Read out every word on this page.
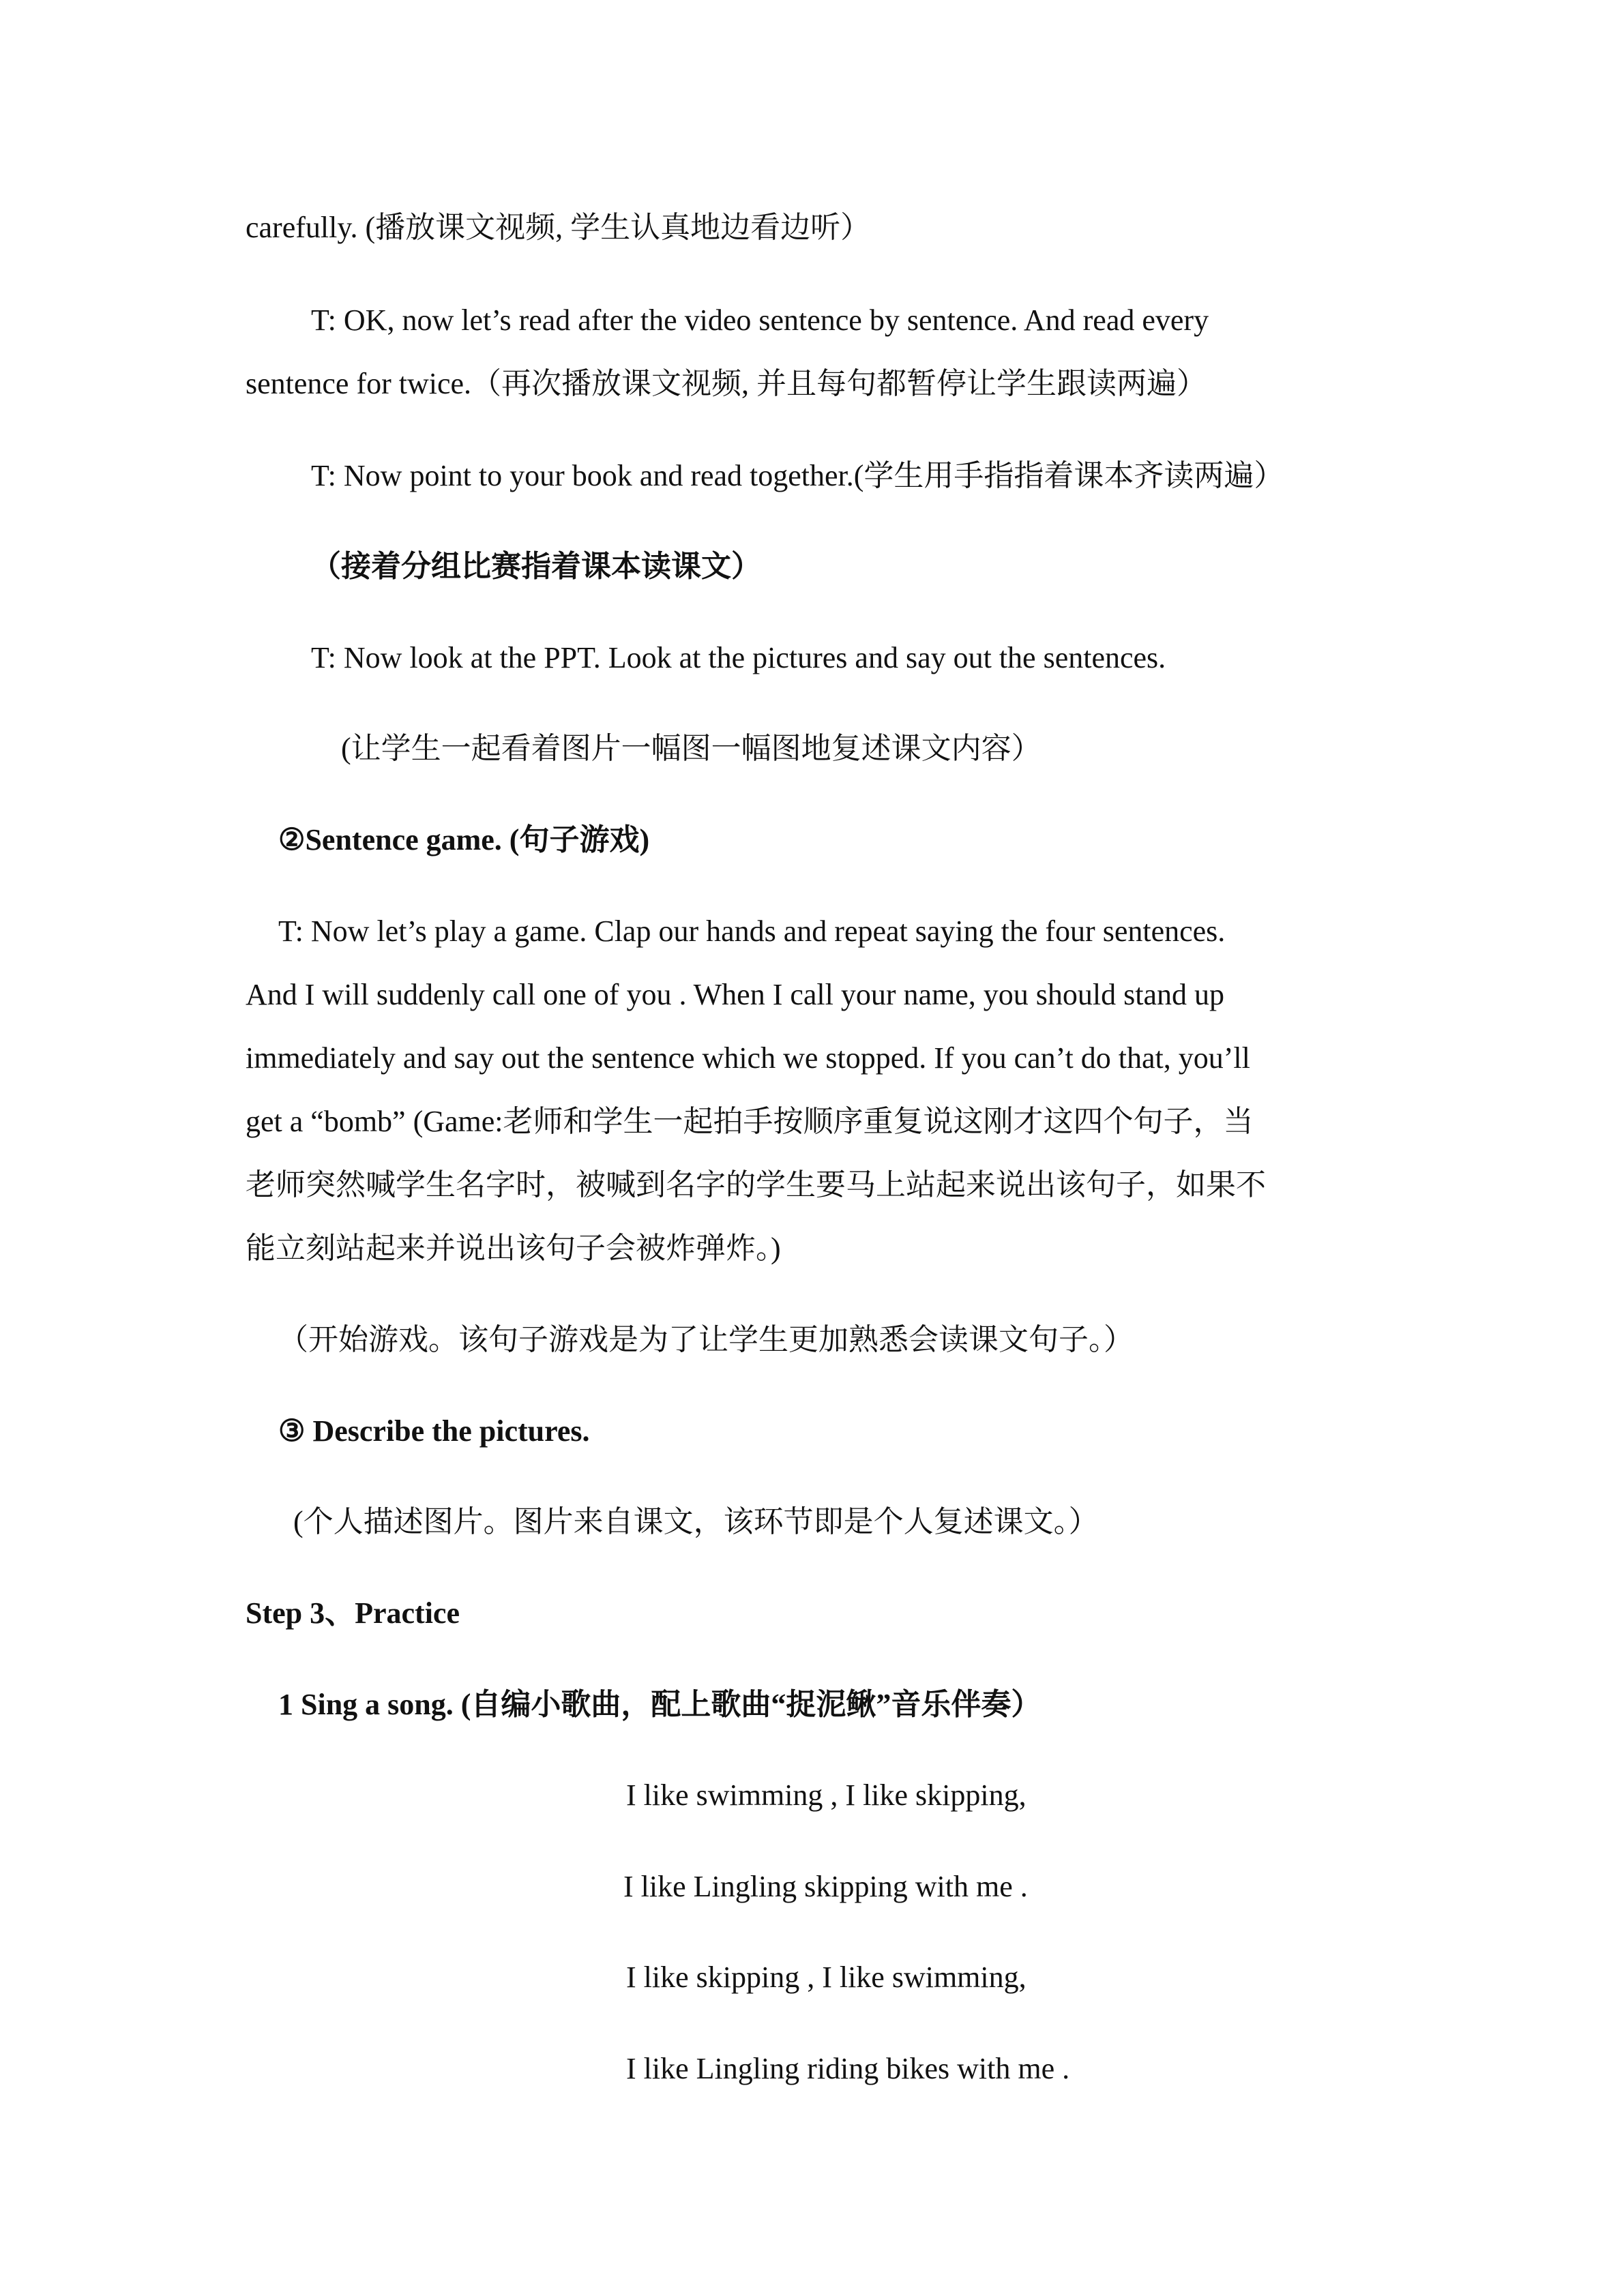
carefully. (播放课文视频, 学生认真地边看边听）
T: OK, now let’s read after the video sentence by sentence. And read every
sentence for twice.（再次播放课文视频, 并且每句都暂停让学生跟读两遍）
T: Now point to your book and read together.(学生用手指指着课本齐读两遍）
（接着分组比赛指着课本读课文）
T: Now look at the PPT. Look at the pictures and say out the sentences.
(让学生一起看着图片一幅图一幅图地复述课文内容）
②Sentence game. (句子游戏)
T: Now let’s play a game. Clap our hands and repeat saying the four sentences.
And I will suddenly call one of you . When I call your name, you should stand up
immediately and say out the sentence which we stopped. If you can’t do that, you’ll
get a “bomb” (Game:老师和学生一起拍手按顺序重复说这刚才这四个句子，当
老师突然喊学生名字时，被喊到名字的学生要马上站起来说出该句子，如果不
能立刻站起来并说出该句子会被炸弹炸。)
（开始游戏。该句子游戏是为了让学生更加熟悉会读课文句子。）
③ Describe the pictures.
(个人描述图片。图片来自课文，该环节即是个人复述课文。）
Step 3、Practice
1 Sing a song. (自编小歌曲，配上歌曲“捉泥鳅”音乐伴奏）
I like swimming , I like skipping,
I like Lingling skipping with me .
I like skipping , I like swimming,
I like Lingling riding bikes with me .
